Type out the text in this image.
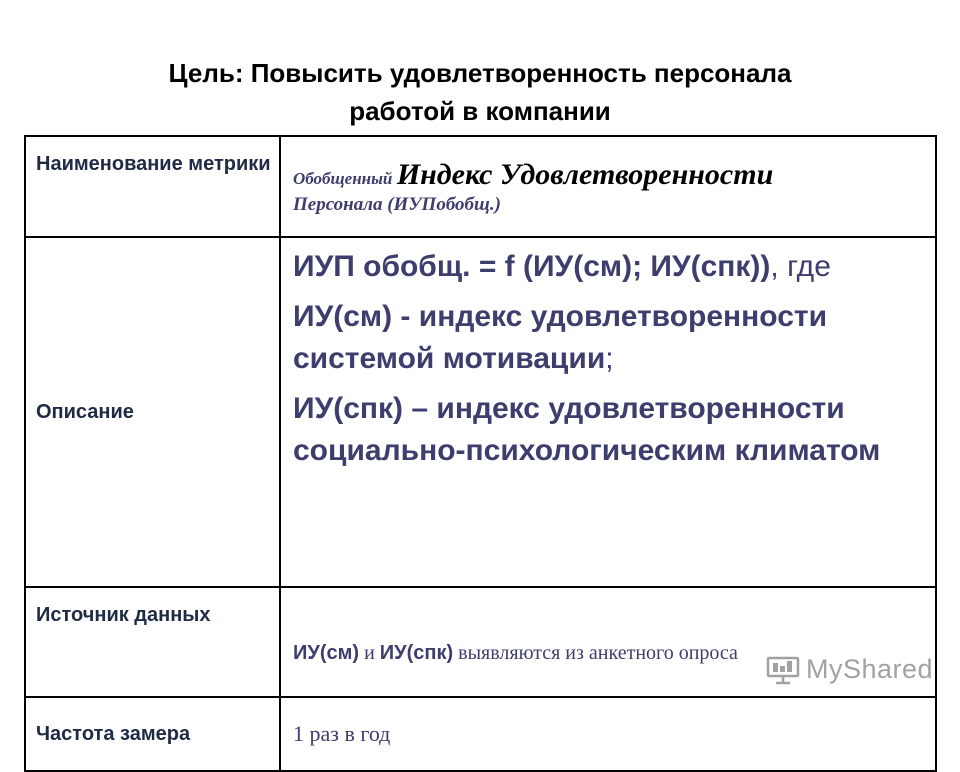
Цель: Повысить удовлетворенность персонала
работой в компании
Наименование метрики	Обобщенный Индекс Удовлетворенности
Персонала (ИУПобобщ.)

Описание	ИУП обобщ. = f (ИУ(см); ИУ(спк)), где

ИУ(см) - индекс удовлетворенности системой мотивации;

ИУ(спк) – индекс удовлетворенности социально-психологическим климатом

Источник данных	ИУ(см) и ИУ(спк) выявляются из анкетного опроса
Частота замера	1 раз в год
MyShared
